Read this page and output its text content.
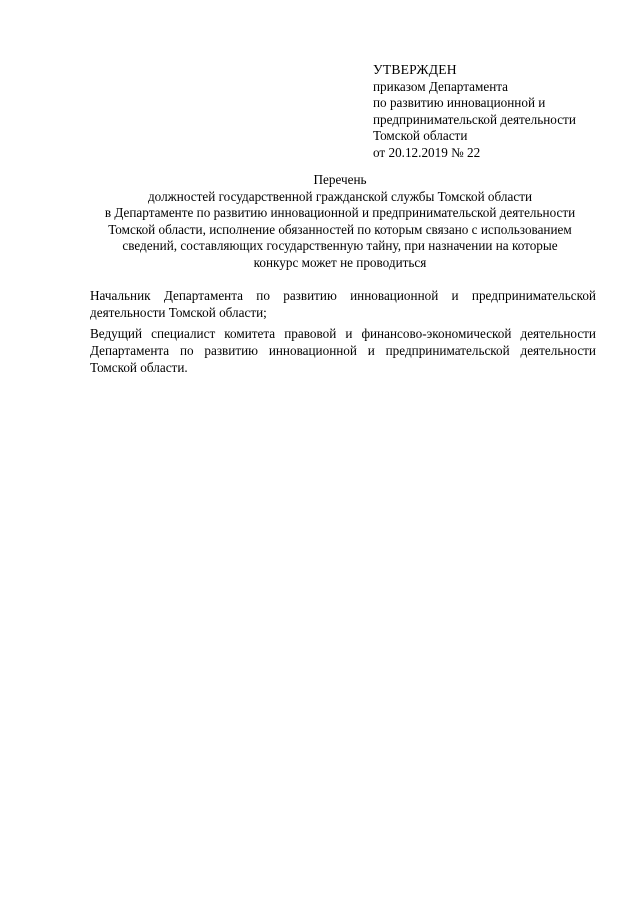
УТВЕРЖДЕН
приказом Департамента
по развитию инновационной и
предпринимательской деятельности
Томской области
от 20.12.2019 № 22
Перечень
должностей государственной гражданской службы Томской области
в Департаменте по развитию инновационной и предпринимательской деятельности
Томской области, исполнение обязанностей по которым связано с использованием
сведений, составляющих государственную тайну, при назначении на которые
конкурс может не проводиться
Начальник Департамента по развитию инновационной и предпринимательской
деятельности Томской области;
Ведущий специалист комитета правовой и финансово-экономической деятельности
Департамента по развитию инновационной и предпринимательской деятельности
Томской области.
